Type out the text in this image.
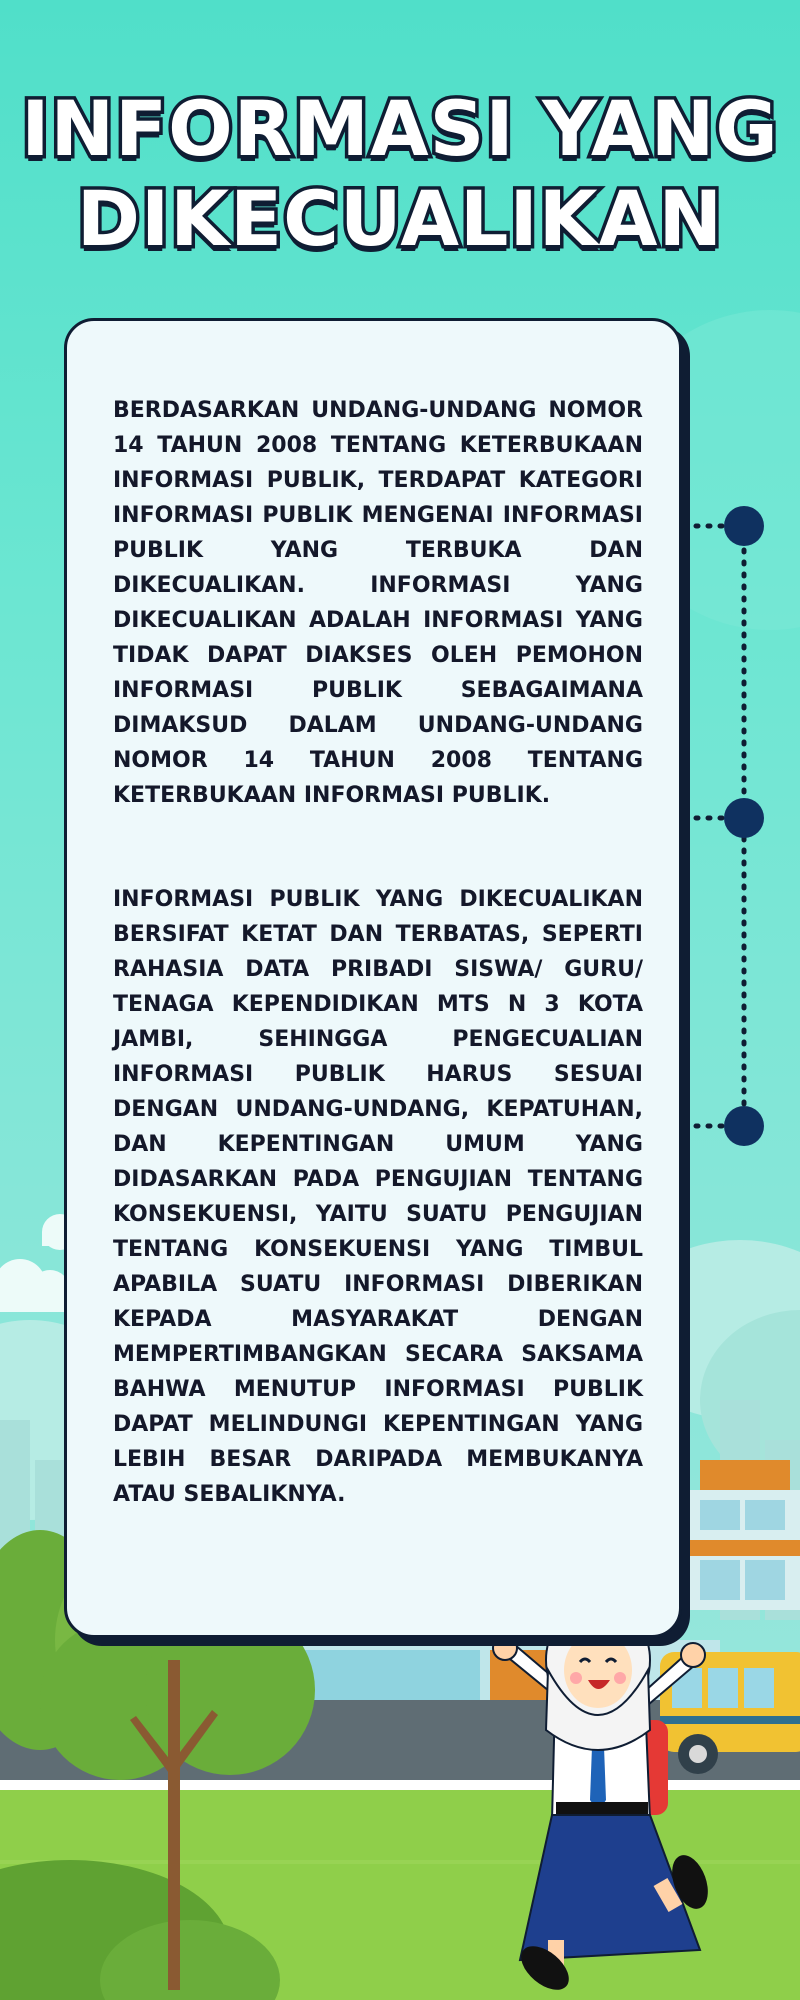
INFORMASI YANG
DIKECUALIKAN

BERDASARKAN UNDANG-UNDANG NOMOR 14 TAHUN 2008 TENTANG KETERBUKAAN INFORMASI PUBLIK, TERDAPAT KATEGORI INFORMASI PUBLIK MENGENAI INFORMASI PUBLIK YANG TERBUKA DAN DIKECUALIKAN. INFORMASI YANG DIKECUALIKAN ADALAH INFORMASI YANG TIDAK DAPAT DIAKSES OLEH PEMOHON INFORMASI PUBLIK SEBAGAIMANA DIMAKSUD DALAM UNDANG-UNDANG NOMOR 14 TAHUN 2008 TENTANG KETERBUKAAN INFORMASI PUBLIK.

INFORMASI PUBLIK YANG DIKECUALIKAN BERSIFAT KETAT DAN TERBATAS, SEPERTI RAHASIA DATA PRIBADI SISWA/ GURU/ TENAGA KEPENDIDIKAN MTS N 3 KOTA JAMBI, SEHINGGA PENGECUALIAN INFORMASI PUBLIK HARUS SESUAI DENGAN UNDANG-UNDANG, KEPATUHAN, DAN KEPENTINGAN UMUM YANG DIDASARKAN PADA PENGUJIAN TENTANG KONSEKUENSI, YAITU SUATU PENGUJIAN TENTANG KONSEKUENSI YANG TIMBUL APABILA SUATU INFORMASI DIBERIKAN KEPADA MASYARAKAT DENGAN MEMPERTIMBANGKAN SECARA SAKSAMA BAHWA MENUTUP INFORMASI PUBLIK DAPAT MELINDUNGI KEPENTINGAN YANG LEBIH BESAR DARIPADA MEMBUKANYA ATAU SEBALIKNYA.
